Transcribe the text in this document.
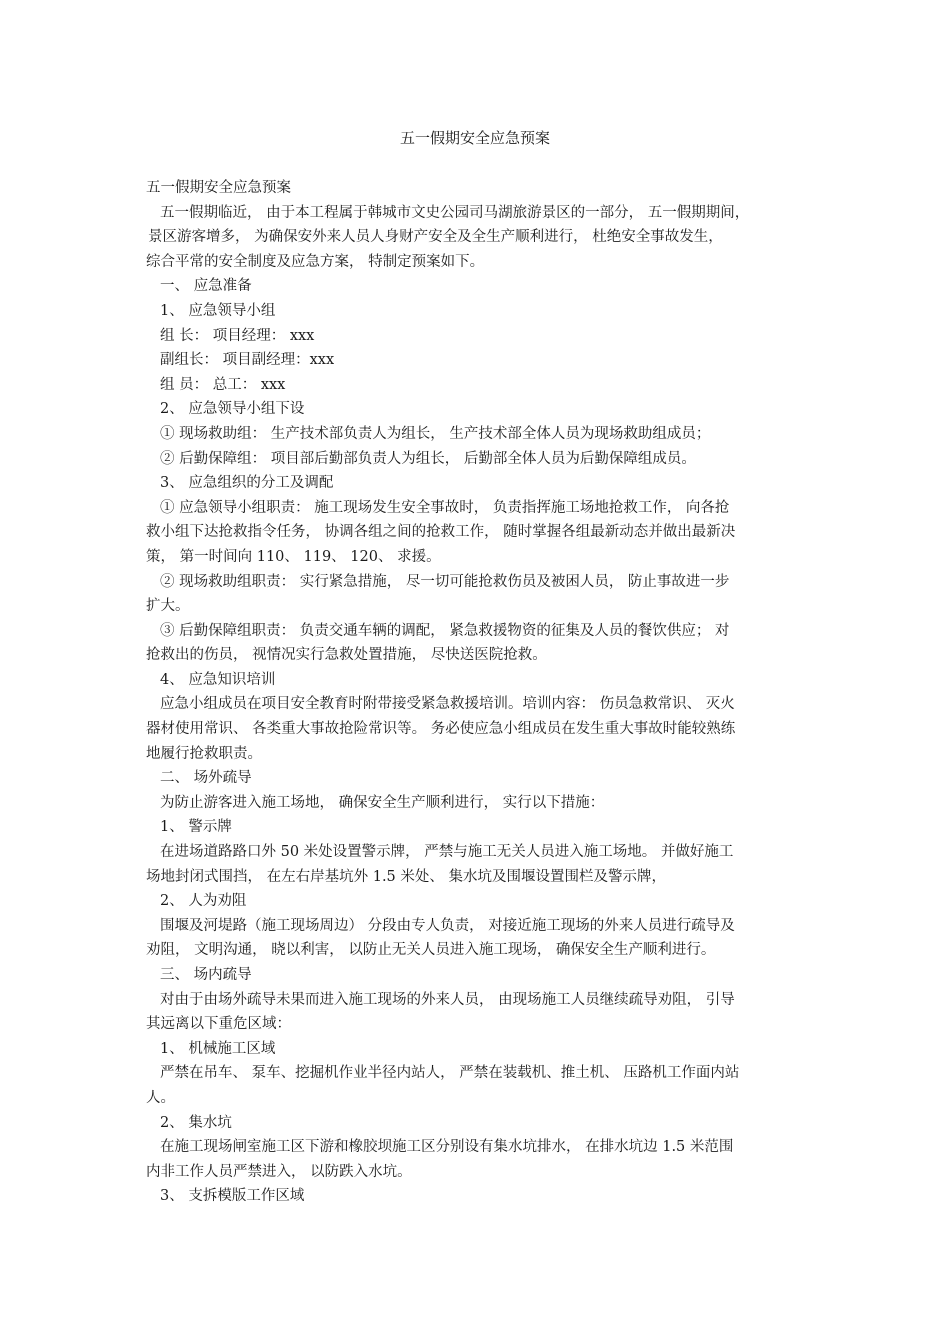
五一假期安全应急预案
五一假期安全应急预案
五一假期临近， 由于本工程属于韩城市文史公园司马湖旅游景区的一部分， 五一假期期间，
景区游客增多， 为确保安外来人员人身财产安全及全生产顺利进行， 杜绝安全事故发生，
综合平常的安全制度及应急方案， 特制定预案如下。
一、 应急准备
1、 应急领导小组
组 长： 项目经理： xxx
副组长： 项目副经理：xxx
组 员： 总工： xxx
2、 应急领导小组下设
① 现场救助组： 生产技术部负责人为组长， 生产技术部全体人员为现场救助组成员；
② 后勤保障组： 项目部后勤部负责人为组长， 后勤部全体人员为后勤保障组成员。
3、 应急组织的分工及调配
① 应急领导小组职责： 施工现场发生安全事故时， 负责指挥施工场地抢救工作， 向各抢
救小组下达抢救指令任务， 协调各组之间的抢救工作， 随时掌握各组最新动态并做出最新决
策， 第一时间向 110、 119、 120、 求援。
② 现场救助组职责： 实行紧急措施， 尽一切可能抢救伤员及被困人员， 防止事故进一步
扩大。
③ 后勤保障组职责： 负责交通车辆的调配， 紧急救援物资的征集及人员的餐饮供应； 对
抢救出的伤员， 视情况实行急救处置措施， 尽快送医院抢救。
4、 应急知识培训
应急小组成员在项目安全教育时附带接受紧急救援培训。培训内容： 伤员急救常识、 灭火
器材使用常识、 各类重大事故抢险常识等。 务必使应急小组成员在发生重大事故时能较熟练
地履行抢救职责。
二、 场外疏导
为防止游客进入施工场地， 确保安全生产顺利进行， 实行以下措施：
1、 警示牌
在进场道路路口外 50 米处设置警示牌， 严禁与施工无关人员进入施工场地。 并做好施工
场地封闭式围挡， 在左右岸基坑外 1.5 米处、 集水坑及围堰设置围栏及警示牌，
2、 人为劝阻
围堰及河堤路（施工现场周边） 分段由专人负责， 对接近施工现场的外来人员进行疏导及
劝阻， 文明沟通， 晓以利害， 以防止无关人员进入施工现场， 确保安全生产顺利进行。
三、 场内疏导
对由于由场外疏导未果而进入施工现场的外来人员， 由现场施工人员继续疏导劝阻， 引导
其远离以下重危区域：
1、 机械施工区域
严禁在吊车、 泵车、挖掘机作业半径内站人， 严禁在装载机、推土机、 压路机工作面内站
人。
2、 集水坑
在施工现场闸室施工区下游和橡胶坝施工区分别设有集水坑排水， 在排水坑边 1.5 米范围
内非工作人员严禁进入， 以防跌入水坑。
3、 支拆模版工作区域
